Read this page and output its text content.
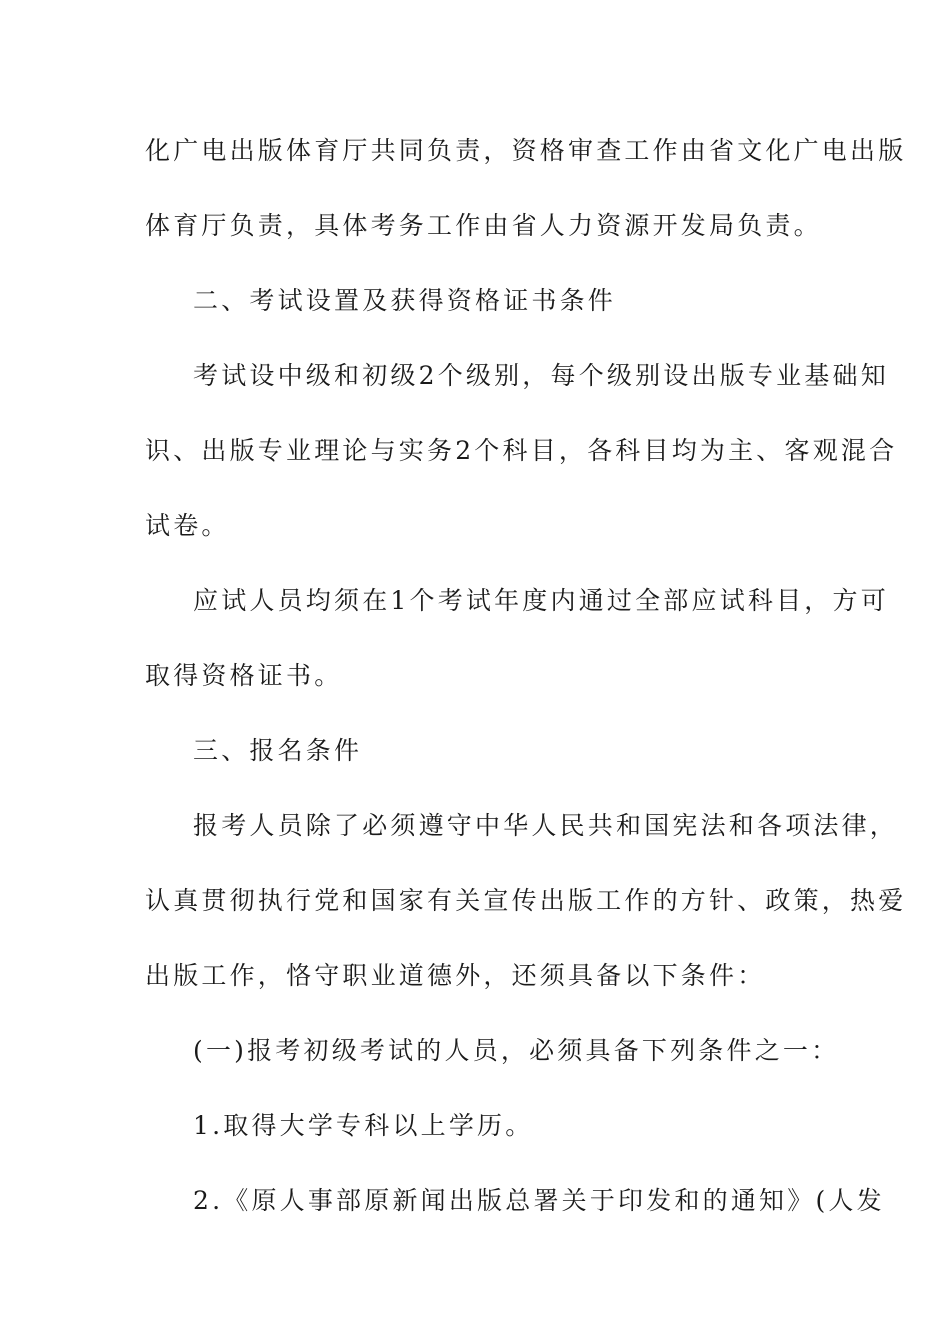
化广电出版体育厅共同负责，资格审查工作由省文化广电出版
体育厅负责，具体考务工作由省人力资源开发局负责。
二、考试设置及获得资格证书条件
考试设中级和初级2个级别，每个级别设出版专业基础知
识、出版专业理论与实务2个科目，各科目均为主、客观混合
试卷。
应试人员均须在1个考试年度内通过全部应试科目，方可
取得资格证书。
三、报名条件
报考人员除了必须遵守中华人民共和国宪法和各项法律，
认真贯彻执行党和国家有关宣传出版工作的方针、政策，热爱
出版工作，恪守职业道德外，还须具备以下条件：
(一)报考初级考试的人员，必须具备下列条件之一：
1.取得大学专科以上学历。
2.《原人事部原新闻出版总署关于印发和的通知》(人发
